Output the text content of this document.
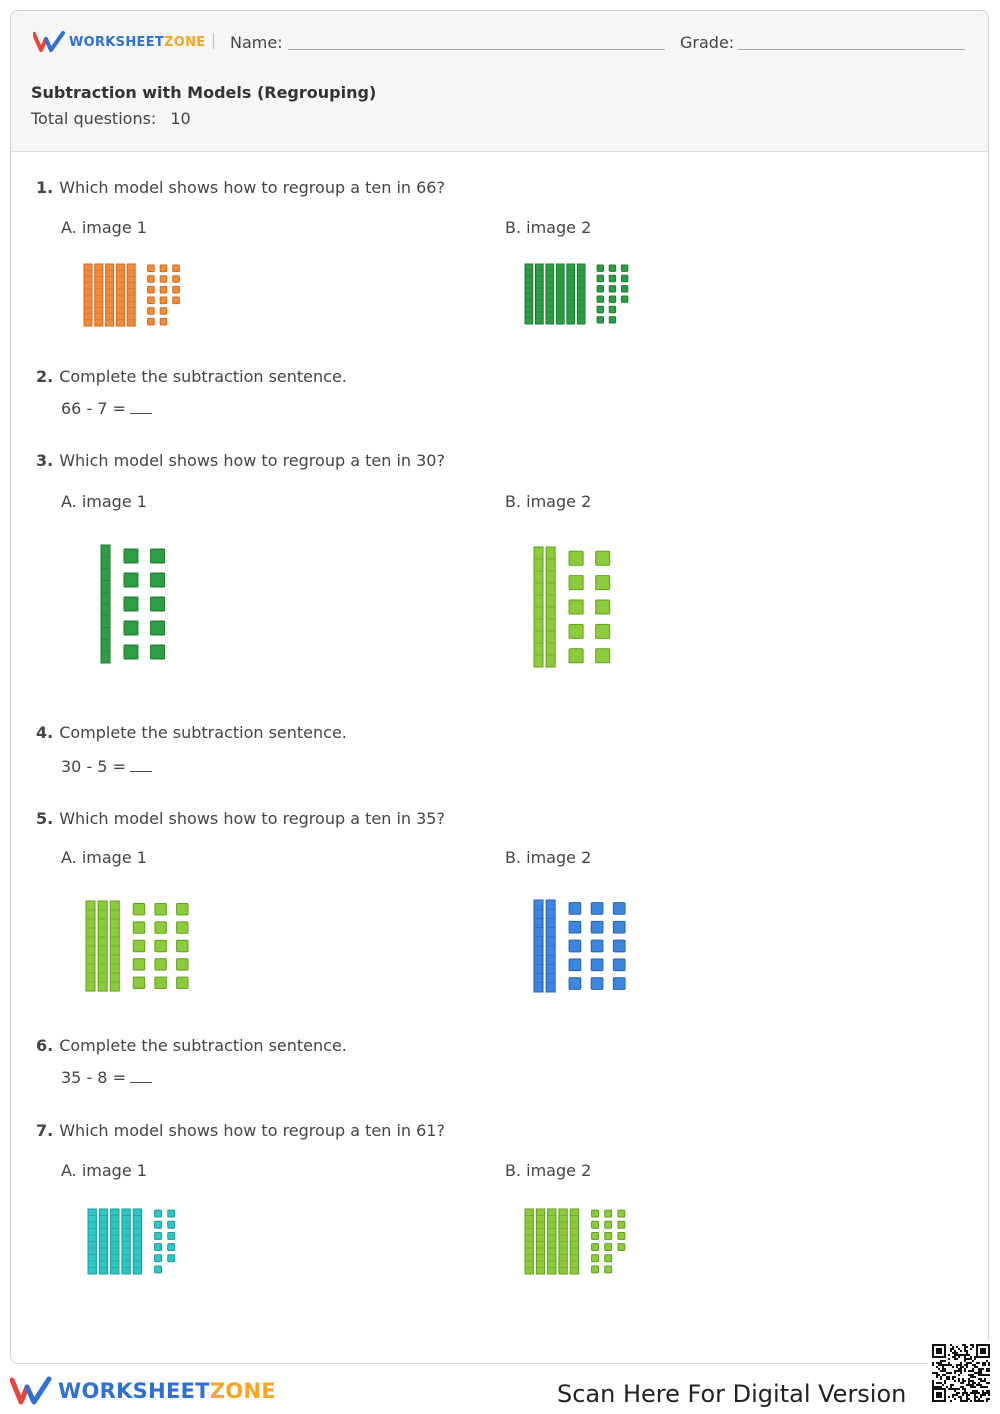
WORKSHEETZONE Name:	Grade:
Subtraction with Models (Regrouping)
Total questions: 10
1. Which model shows how to regroup a ten in 66?
A. image 1	B. image 2
2. Complete the subtraction sentence.
66 - 7 =
3. Which model shows how to regroup a ten in 30?
A. image 1	B. image 2
4. Complete the subtraction sentence.
30 - 5 =
5. Which model shows how to regroup a ten in 35?
A. image 1	B. image 2
6. Complete the subtraction sentence.
35 - 8 =
7. Which model shows how to regroup a ten in 61?
A. image 1	B. image 2
WORKSHEETZONE	Scan Here For Digital Version
